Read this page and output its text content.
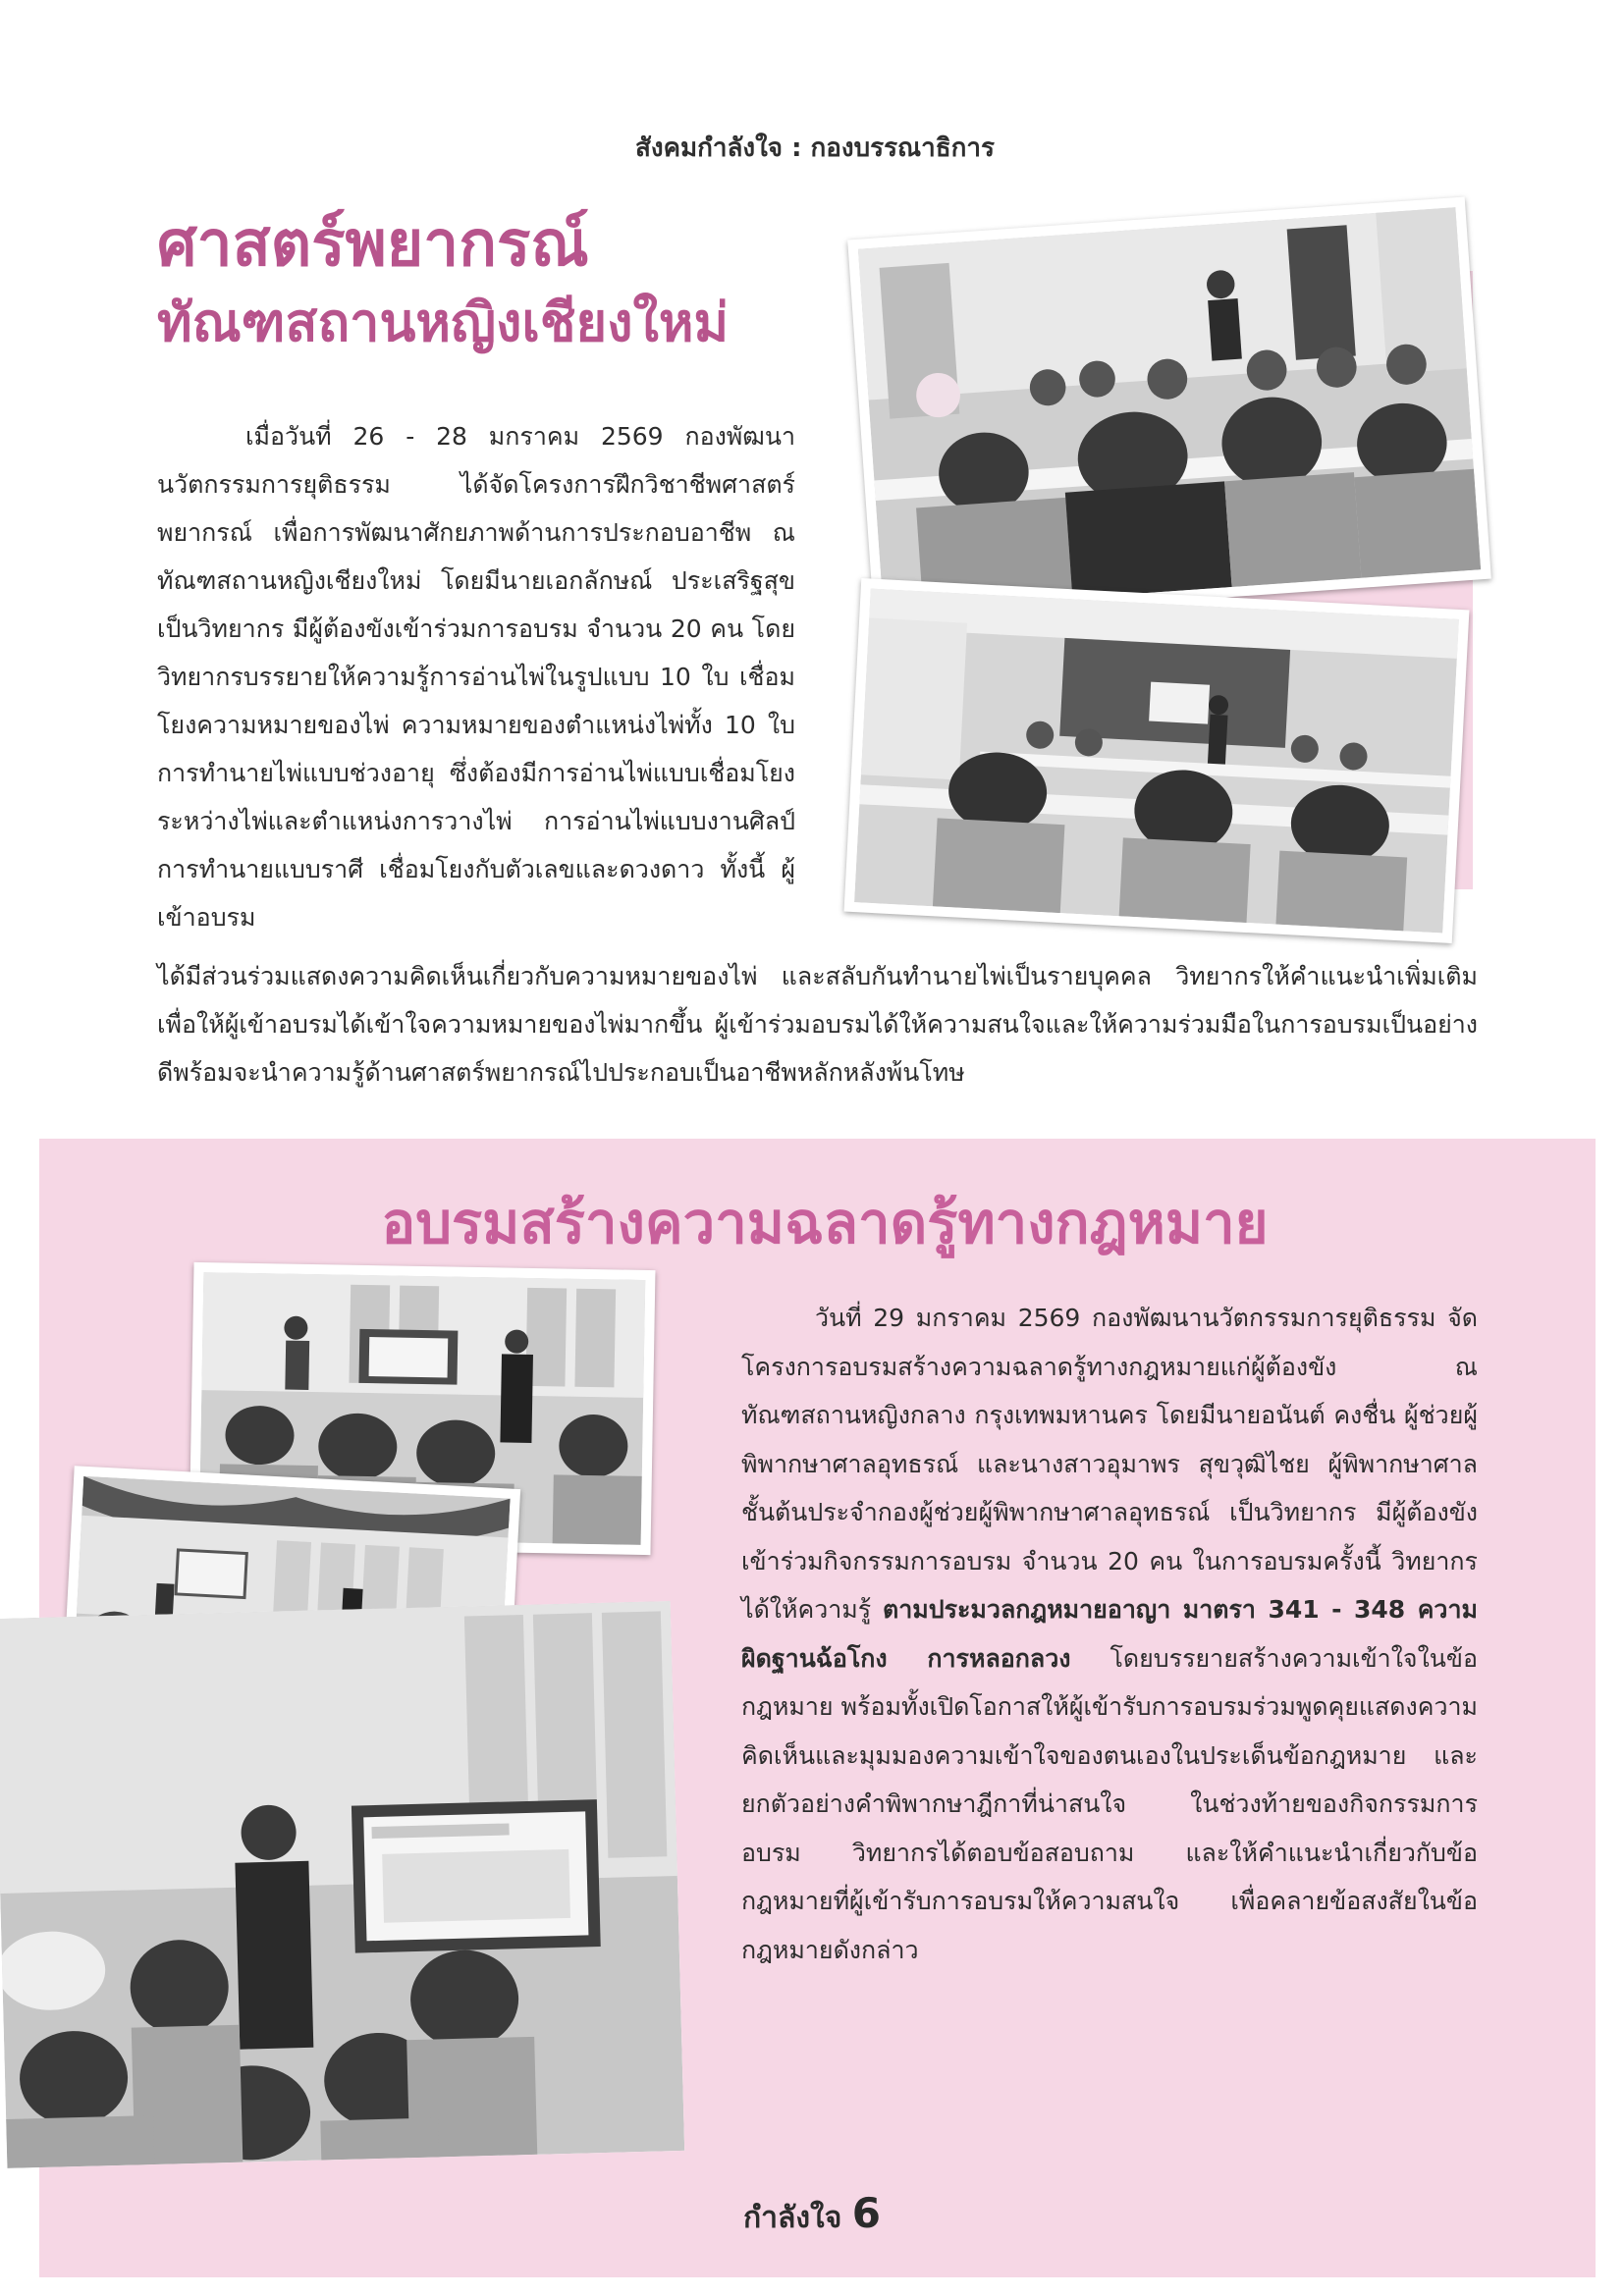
สังคมกำลังใจ : กองบรรณาธิการ
ศาสตร์พยากรณ์
ทัณฑสถานหญิงเชียงใหม่
เมื่อวันที่ 26 - 28 มกราคม 2569 กองพัฒนานวัตกรรมการยุติธรรม ได้จัดโครงการฝึกวิชาชีพศาสตร์พยากรณ์ เพื่อการพัฒนาศักยภาพด้านการประกอบอาชีพ ณ ทัณฑสถานหญิงเชียงใหม่ โดยมีนายเอกลักษณ์ ประเสริฐสุข เป็นวิทยากร มีผู้ต้องขังเข้าร่วมการอบรม จำนวน 20 คน โดยวิทยากรบรรยายให้ความรู้การอ่านไพ่ในรูปแบบ 10 ใบ เชื่อมโยงความหมายของไพ่ ความหมายของตำแหน่งไพ่ทั้ง 10 ใบ การทำนายไพ่แบบช่วงอายุ ซึ่งต้องมีการอ่านไพ่แบบเชื่อมโยงระหว่างไพ่และตำแหน่งการวางไพ่ การอ่านไพ่แบบงานศิลป์ การทำนายแบบราศี เชื่อมโยงกับตัวเลขและดวงดาว ทั้งนี้ ผู้เข้าอบรม
ได้มีส่วนร่วมแสดงความคิดเห็นเกี่ยวกับความหมายของไพ่ และสลับกันทำนายไพ่เป็นรายบุคคล วิทยากรให้คำแนะนำเพิ่มเติม เพื่อให้ผู้เข้าอบรมได้เข้าใจความหมายของไพ่มากขึ้น ผู้เข้าร่วมอบรมได้ให้ความสนใจและให้ความร่วมมือในการอบรมเป็นอย่างดีพร้อมจะนำความรู้ด้านศาสตร์พยากรณ์ไปประกอบเป็นอาชีพหลักหลังพ้นโทษ
อบรมสร้างความฉลาดรู้ทางกฎหมาย
วันที่ 29 มกราคม 2569 กองพัฒนานวัตกรรมการยุติธรรม จัดโครงการอบรมสร้างความฉลาดรู้ทางกฎหมายแก่ผู้ต้องขัง ณ ทัณฑสถานหญิงกลาง กรุงเทพมหานคร โดยมีนายอนันต์ คงชื่น ผู้ช่วยผู้พิพากษาศาลอุทธรณ์ และนางสาวอุมาพร สุขวุฒิไชย ผู้พิพากษาศาลชั้นต้นประจำกองผู้ช่วยผู้พิพากษาศาลอุทธรณ์ เป็นวิทยากร มีผู้ต้องขังเข้าร่วมกิจกรรมการอบรม จำนวน 20 คน ในการอบรมครั้งนี้ วิทยากรได้ให้ความรู้ ตามประมวลกฎหมายอาญา มาตรา 341 - 348 ความผิดฐานฉ้อโกง การหลอกลวง โดยบรรยายสร้างความเข้าใจในข้อกฎหมาย พร้อมทั้งเปิดโอกาสให้ผู้เข้ารับการอบรมร่วมพูดคุยแสดงความคิดเห็นและมุมมองความเข้าใจของตนเองในประเด็นข้อกฎหมาย และยกตัวอย่างคำพิพากษาฎีกาที่น่าสนใจ ในช่วงท้ายของกิจกรรมการอบรม วิทยากรได้ตอบข้อสอบถาม และให้คำแนะนำเกี่ยวกับข้อกฎหมายที่ผู้เข้ารับการอบรมให้ความสนใจ เพื่อคลายข้อสงสัยในข้อกฎหมายดังกล่าว
กำลังใจ 6
